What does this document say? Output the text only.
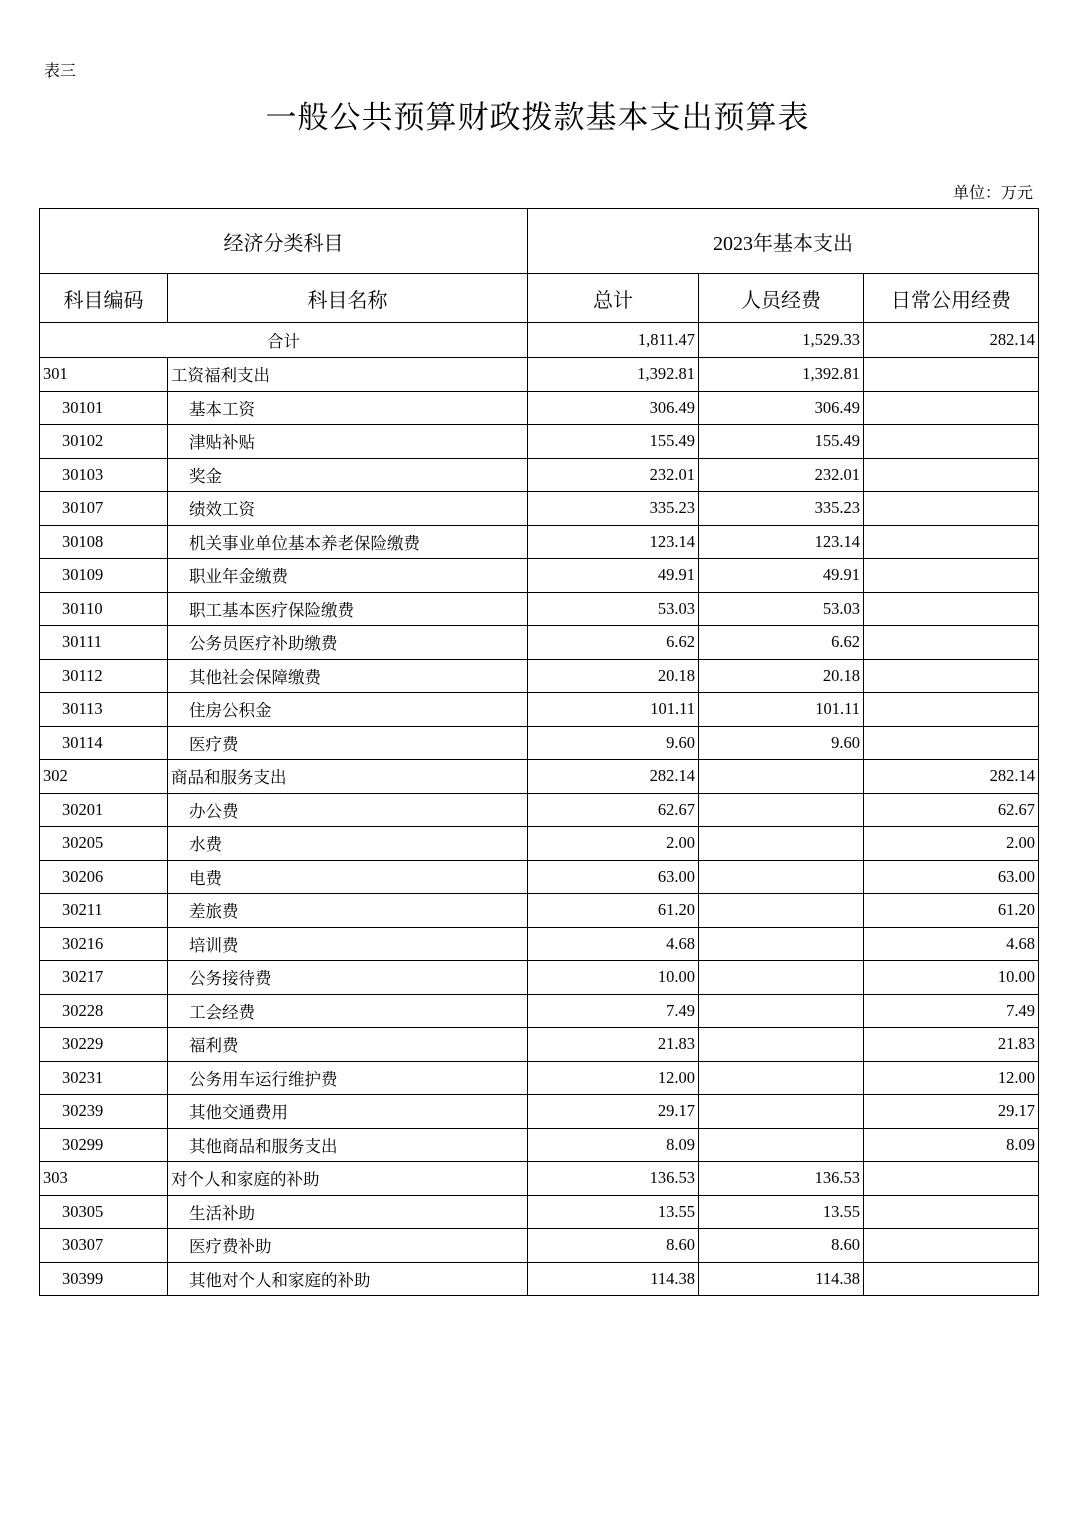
表三
一般公共预算财政拨款基本支出预算表
单位：万元
经济分类科目		2023年基本支出		
科目编码	科目名称	总计	人员经费	日常公用经费
合计		1,811.47	1,529.33	282.14
301	工资福利支出	1,392.81	1,392.81	
30101	基本工资	306.49	306.49	
30102	津贴补贴	155.49	155.49	
30103	奖金	232.01	232.01	
30107	绩效工资	335.23	335.23	
30108	机关事业单位基本养老保险缴费	123.14	123.14	
30109	职业年金缴费	49.91	49.91	
30110	职工基本医疗保险缴费	53.03	53.03	
30111	公务员医疗补助缴费	6.62	6.62	
30112	其他社会保障缴费	20.18	20.18	
30113	住房公积金	101.11	101.11	
30114	医疗费	9.60	9.60	
302	商品和服务支出	282.14		282.14
30201	办公费	62.67		62.67
30205	水费	2.00		2.00
30206	电费	63.00		63.00
30211	差旅费	61.20		61.20
30216	培训费	4.68		4.68
30217	公务接待费	10.00		10.00
30228	工会经费	7.49		7.49
30229	福利费	21.83		21.83
30231	公务用车运行维护费	12.00		12.00
30239	其他交通费用	29.17		29.17
30299	其他商品和服务支出	8.09		8.09
303	对个人和家庭的补助	136.53	136.53	
30305	生活补助	13.55	13.55	
30307	医疗费补助	8.60	8.60	
30399	其他对个人和家庭的补助	114.38	114.38	
